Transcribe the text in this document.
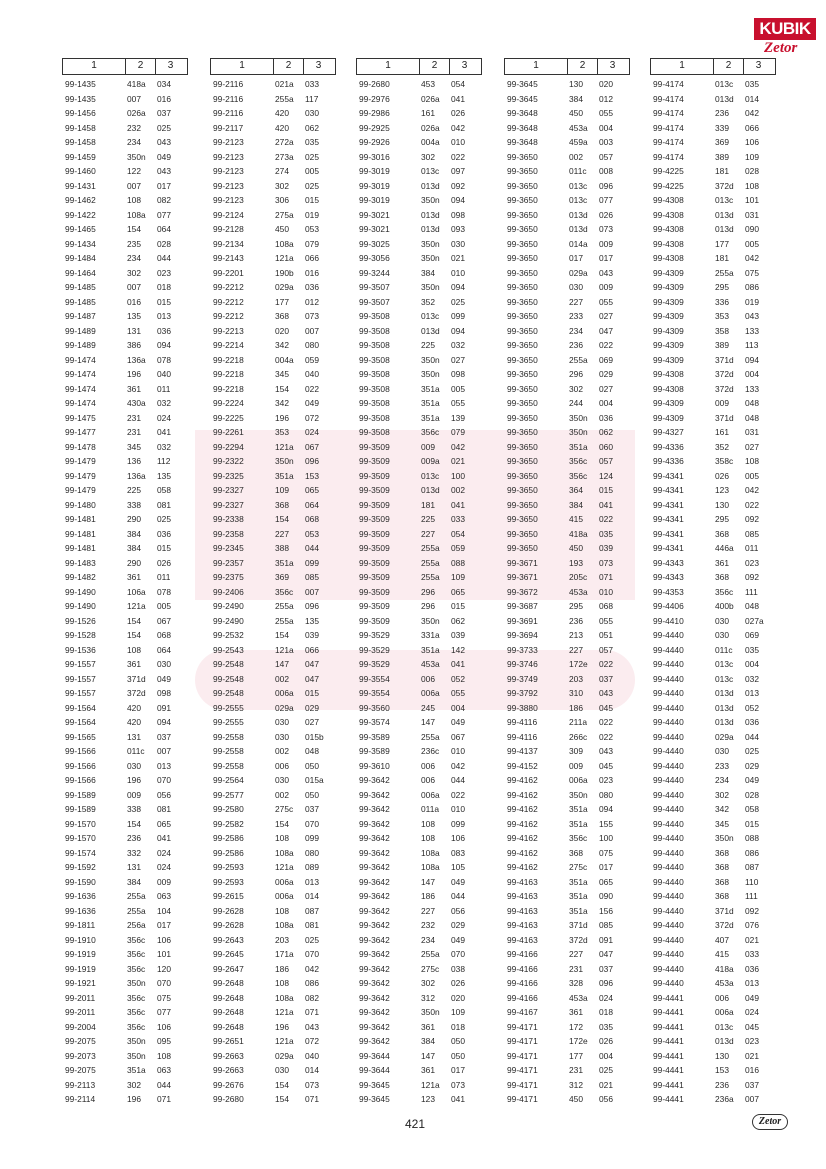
KUBIK
Zetor
1	2	3
99-1435	418a	034
99-1435	007	016
99-1456	026a	037
99-1458	232	025
99-1458	234	043
99-1459	350n	049
99-1460	122	043
99-1431	007	017
99-1462	108	082
99-1422	108a	077
99-1465	154	064
99-1434	235	028
99-1484	234	044
99-1464	302	023
99-1485	007	018
99-1485	016	015
99-1487	135	013
99-1489	131	036
99-1489	386	094
99-1474	136a	078
99-1474	196	040
99-1474	361	011
99-1474	430a	032
99-1475	231	024
99-1477	231	041
99-1478	345	032
99-1479	136	112
99-1479	136a	135
99-1479	225	058
99-1480	338	081
99-1481	290	025
99-1481	384	036
99-1481	384	015
99-1483	290	026
99-1482	361	011
99-1490	106a	078
99-1490	121a	005
99-1526	154	067
99-1528	154	068
99-1536	108	064
99-1557	361	030
99-1557	371d	049
99-1557	372d	098
99-1564	420	091
99-1564	420	094
99-1565	131	037
99-1566	011c	007
99-1566	030	013
99-1566	196	070
99-1589	009	056
99-1589	338	081
99-1570	154	065
99-1570	236	041
99-1574	332	024
99-1592	131	024
99-1590	384	009
99-1636	255a	063
99-1636	255a	104
99-1811	256a	017
99-1910	356c	106
99-1919	356c	101
99-1919	356c	120
99-1921	350n	070
99-2011	356c	075
99-2011	356c	077
99-2004	356c	106
99-2075	350n	095
99-2073	350n	108
99-2075	351a	063
99-2113	302	044
99-2114	196	071
1	2	3
99-2116	021a	033
99-2116	255a	117
99-2116	420	030
99-2117	420	062
99-2123	272a	035
99-2123	273a	025
99-2123	274	005
99-2123	302	025
99-2123	306	015
99-2124	275a	019
99-2128	450	053
99-2134	108a	079
99-2143	121a	066
99-2201	190b	016
99-2212	029a	036
99-2212	177	012
99-2212	368	073
99-2213	020	007
99-2214	342	080
99-2218	004a	059
99-2218	345	040
99-2218	154	022
99-2224	342	049
99-2225	196	072
99-2261	353	024
99-2294	121a	067
99-2322	350n	096
99-2325	351a	153
99-2327	109	065
99-2327	368	064
99-2338	154	068
99-2358	227	053
99-2345	388	044
99-2357	351a	099
99-2375	369	085
99-2406	356c	007
99-2490	255a	096
99-2490	255a	135
99-2532	154	039
99-2543	121a	066
99-2548	147	047
99-2548	002	047
99-2548	006a	015
99-2555	029a	029
99-2555	030	027
99-2558	030	015b
99-2558	002	048
99-2558	006	050
99-2564	030	015a
99-2577	002	050
99-2580	275c	037
99-2582	154	070
99-2586	108	099
99-2586	108a	080
99-2593	121a	089
99-2593	006a	013
99-2615	006a	014
99-2628	108	087
99-2628	108a	081
99-2643	203	025
99-2645	171a	070
99-2647	186	042
99-2648	108	086
99-2648	108a	082
99-2648	121a	071
99-2648	196	043
99-2651	121a	072
99-2663	029a	040
99-2663	030	014
99-2676	154	073
99-2680	154	071
1	2	3
99-2680	453	054
99-2976	026a	041
99-2986	161	026
99-2925	026a	042
99-2926	004a	010
99-3016	302	022
99-3019	013c	097
99-3019	013d	092
99-3019	350n	094
99-3021	013d	098
99-3021	013d	093
99-3025	350n	030
99-3056	350n	021
99-3244	384	010
99-3507	350n	094
99-3507	352	025
99-3508	013c	099
99-3508	013d	094
99-3508	225	032
99-3508	350n	027
99-3508	350n	098
99-3508	351a	005
99-3508	351a	055
99-3508	351a	139
99-3508	356c	079
99-3509	009	042
99-3509	009a	021
99-3509	013c	100
99-3509	013d	002
99-3509	181	041
99-3509	225	033
99-3509	227	054
99-3509	255a	059
99-3509	255a	088
99-3509	255a	109
99-3509	296	065
99-3509	296	015
99-3509	350n	062
99-3529	331a	039
99-3529	351a	142
99-3529	453a	041
99-3554	006	052
99-3554	006a	055
99-3560	245	004
99-3574	147	049
99-3589	255a	067
99-3589	236c	010
99-3610	006	042
99-3642	006	044
99-3642	006a	022
99-3642	011a	010
99-3642	108	099
99-3642	108	106
99-3642	108a	083
99-3642	108a	105
99-3642	147	049
99-3642	186	044
99-3642	227	056
99-3642	232	029
99-3642	234	049
99-3642	255a	070
99-3642	275c	038
99-3642	302	026
99-3642	312	020
99-3642	350n	109
99-3642	361	018
99-3642	384	050
99-3644	147	050
99-3644	361	017
99-3645	121a	073
99-3645	123	041
1	2	3
99-3645	130	020
99-3645	384	012
99-3648	450	055
99-3648	453a	004
99-3648	459a	003
99-3650	002	057
99-3650	011c	008
99-3650	013c	096
99-3650	013c	077
99-3650	013d	026
99-3650	013d	073
99-3650	014a	009
99-3650	017	017
99-3650	029a	043
99-3650	030	009
99-3650	227	055
99-3650	233	027
99-3650	234	047
99-3650	236	022
99-3650	255a	069
99-3650	296	029
99-3650	302	027
99-3650	244	004
99-3650	350n	036
99-3650	350n	062
99-3650	351a	060
99-3650	356c	057
99-3650	356c	124
99-3650	364	015
99-3650	384	041
99-3650	415	022
99-3650	418a	035
99-3650	450	039
99-3671	193	073
99-3671	205c	071
99-3672	453a	010
99-3687	295	068
99-3691	236	055
99-3694	213	051
99-3733	227	057
99-3746	172e	022
99-3749	203	037
99-3792	310	043
99-3880	186	045
99-4116	211a	022
99-4116	266c	022
99-4137	309	043
99-4152	009	045
99-4162	006a	023
99-4162	350n	080
99-4162	351a	094
99-4162	351a	155
99-4162	356c	100
99-4162	368	075
99-4162	275c	017
99-4163	351a	065
99-4163	351a	090
99-4163	351a	156
99-4163	371d	085
99-4163	372d	091
99-4166	227	047
99-4166	231	037
99-4166	328	096
99-4166	453a	024
99-4167	361	018
99-4171	172	035
99-4171	172e	026
99-4171	177	004
99-4171	231	025
99-4171	312	021
99-4171	450	056
1	2	3
99-4174	013c	035
99-4174	013d	014
99-4174	236	042
99-4174	339	066
99-4174	369	106
99-4174	389	109
99-4225	181	028
99-4225	372d	108
99-4308	013c	101
99-4308	013d	031
99-4308	013d	090
99-4308	177	005
99-4308	181	042
99-4309	255a	075
99-4309	295	086
99-4309	336	019
99-4309	353	043
99-4309	358	133
99-4309	389	113
99-4309	371d	094
99-4308	372d	004
99-4308	372d	133
99-4309	009	048
99-4309	371d	048
99-4327	161	031
99-4336	352	027
99-4336	358c	108
99-4341	026	005
99-4341	123	042
99-4341	130	022
99-4341	295	092
99-4341	368	085
99-4341	446a	011
99-4343	361	023
99-4343	368	092
99-4353	356c	111
99-4406	400b	048
99-4410	030	027a
99-4440	030	069
99-4440	011c	035
99-4440	013c	004
99-4440	013c	032
99-4440	013d	013
99-4440	013d	052
99-4440	013d	036
99-4440	029a	044
99-4440	030	025
99-4440	233	029
99-4440	234	049
99-4440	302	028
99-4440	342	058
99-4440	345	015
99-4440	350n	088
99-4440	368	086
99-4440	368	087
99-4440	368	110
99-4440	368	111
99-4440	371d	092
99-4440	372d	076
99-4440	407	021
99-4440	415	033
99-4440	418a	036
99-4440	453a	013
99-4441	006	049
99-4441	006a	024
99-4441	013c	045
99-4441	013d	023
99-4441	130	021
99-4441	153	016
99-4441	236	037
99-4441	236a	007
421	Zetor
